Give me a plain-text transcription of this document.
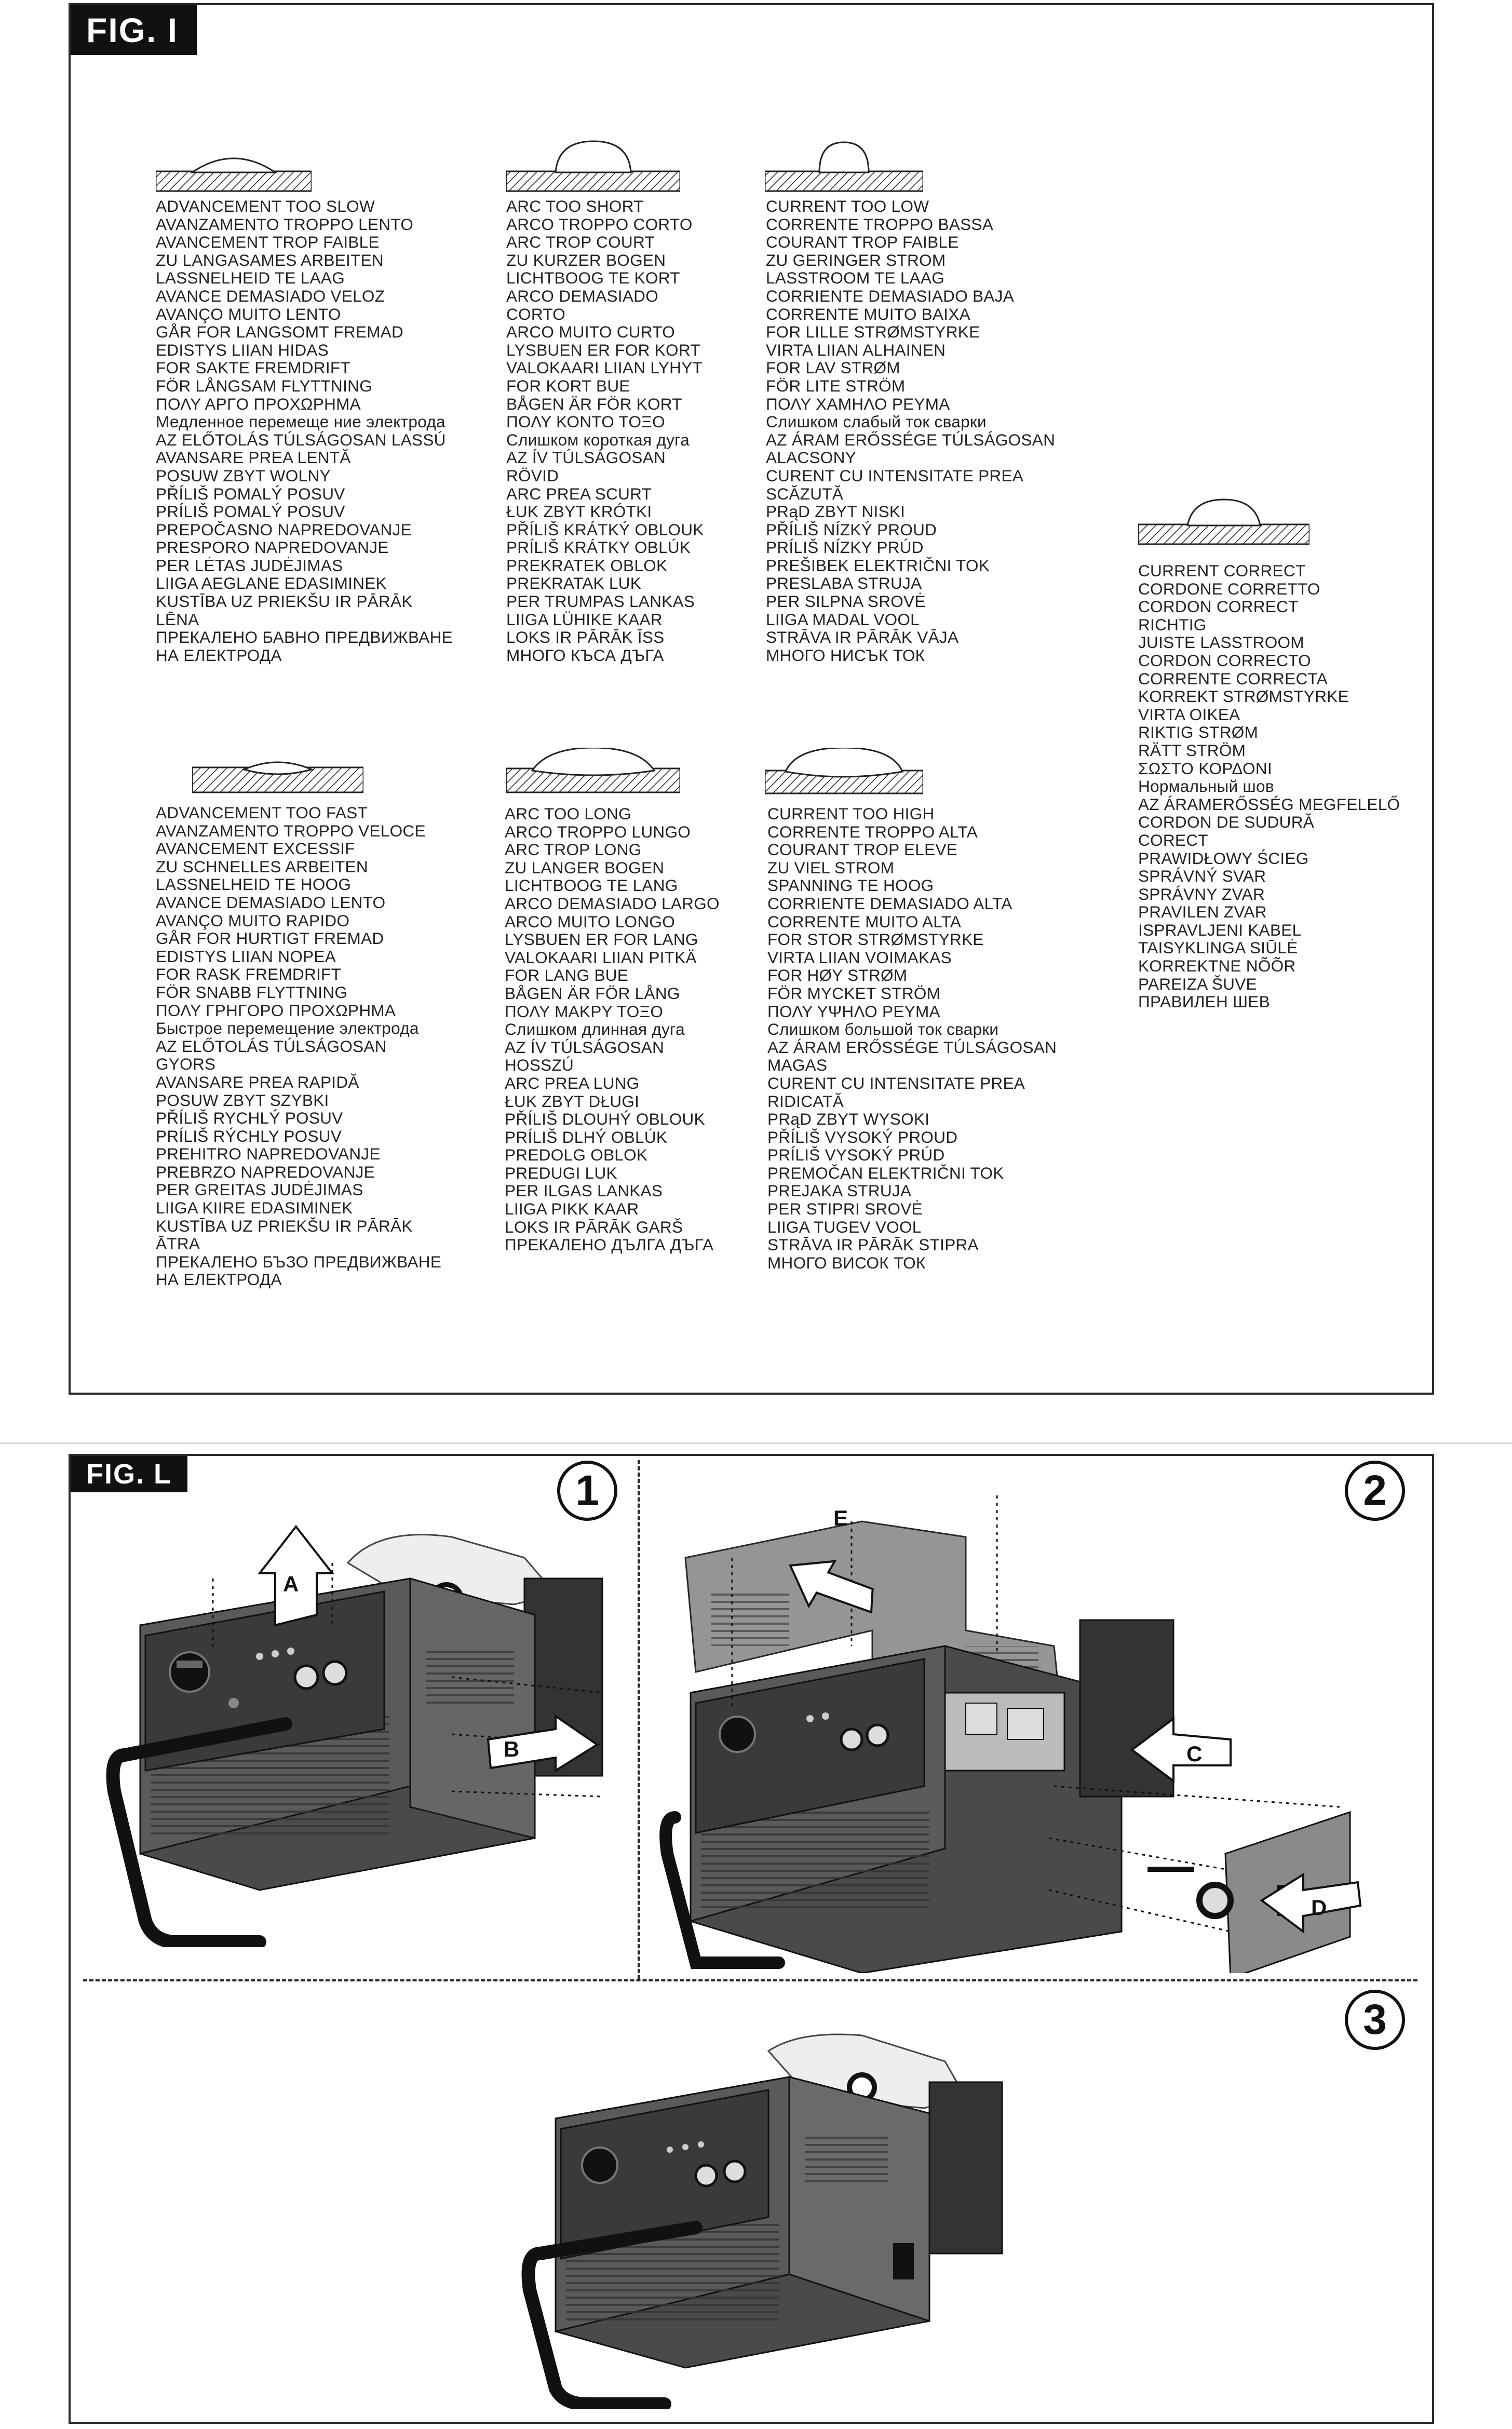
FIG. I
ADVANCEMENT TOO SLOW
AVANZAMENTO TROPPO LENTO
AVANCEMENT TROP FAIBLE
ZU LANGASAMES ARBEITEN
LASSNELHEID TE LAAG
AVANCE DEMASIADO VELOZ
AVANÇO MUITO LENTO
GÅR FOR LANGSOMT FREMAD
EDISTYS LIIAN HIDAS
FOR SAKTE FREMDRIFT
FÖR LÅNGSAM FLYTTNING
ΠΟΛΥ ΑΡΓΟ ΠΡΟΧΩΡΗΜΑ
Медленное перемеще ние электрода
AZ ELŐTOLÁS TÚLSÁGOSAN LASSÚ
AVANSARE PREA LENTĂ
POSUW ZBYT WOLNY
PŘÍLIŠ POMALÝ POSUV
PRÍLIŠ POMALÝ POSUV
PREPOČASNO NAPREDOVANJE
PRESPORO NAPREDOVANJE
PER LĖTAS JUDĖJIMAS
LIIGA AEGLANE EDASIMINEK
KUSTĪBA UZ PRIEKŠU IR PĀRĀK
LĒNA
ПРЕКАЛЕНО БАВНО ПРЕДВИЖВАНЕ
НА ЕЛЕКТРОДА
ARC TOO SHORT
ARCO TROPPO CORTO
ARC TROP COURT
ZU KURZER BOGEN
LICHTBOOG TE KORT
ARCO DEMASIADO
CORTO
ARCO MUITO CURTO
LYSBUEN ER FOR KORT
VALOKAARI LIIAN LYHYT
FOR KORT BUE
BÅGEN ÄR FÖR KORT
ΠΟΛΥ ΚΟΝΤΟ ΤΟΞΟ
Слишком короткая дуга
AZ ÍV TÚLSÁGOSAN
RÖVID
ARC PREA SCURT
ŁUK ZBYT KRÓTKI
PŘÍLIŠ KRÁTKÝ OBLOUK
PRÍLIŠ KRÁTKY OBLÚK
PREKRATEK OBLOK
PREKRATAK LUK
PER TRUMPAS LANKAS
LIIGA LÜHIKE KAAR
LOKS IR PĀRĀK ĪSS
МНОГО КЪСА ДЪГА
CURRENT TOO LOW
CORRENTE TROPPO BASSA
COURANT TROP FAIBLE
ZU GERINGER STROM
LASSTROOM TE LAAG
CORRIENTE DEMASIADO BAJA
CORRENTE MUITO BAIXA
FOR LILLE STRØMSTYRKE
VIRTA LIIAN ALHAINEN
FOR LAV STRØM
FÖR LITE STRÖM
ΠΟΛΥ ΧΑΜΗΛΟ ΡΕΥΜΑ
Слишком слабый ток сварки
AZ ÁRAM ERŐSSÉGE TÚLSÁGOSAN
ALACSONY
CURENT CU INTENSITATE PREA
SCĂZUTĂ
PRąD ZBYT NISKI
PŘÍLIŠ NÍZKÝ PROUD
PRÍLIŠ NÍZKY PRÚD
PREŠIBEK ELEKTRIČNI TOK
PRESLABA STRUJA
PER SILPNA SROVĖ
LIIGA MADAL VOOL
STRĀVA IR PĀRĀK VĀJA
МНОГО НИСЪК ТОК
ADVANCEMENT TOO FAST
AVANZAMENTO TROPPO VELOCE
AVANCEMENT EXCESSIF
ZU SCHNELLES ARBEITEN
LASSNELHEID TE HOOG
AVANCE DEMASIADO LENTO
AVANÇO MUITO RAPIDO
GÅR FOR HURTIGT FREMAD
EDISTYS LIIAN NOPEA
FOR RASK FREMDRIFT
FÖR SNABB FLYTTNING
ΠΟΛΥ ΓΡΗΓΟΡΟ ΠΡΟΧΩΡΗΜΑ
Быстрое перемещение электрода
AZ ELŐTOLÁS TÚLSÁGOSAN
GYORS
AVANSARE PREA RAPIDĂ
POSUW ZBYT SZYBKI
PŘÍLIŠ RYCHLÝ POSUV
PRÍLIŠ RÝCHLY POSUV
PREHITRO NAPREDOVANJE
PREBRZO NAPREDOVANJE
PER GREITAS JUDĖJIMAS
LIIGA KIIRE EDASIMINEK
KUSTĪBA UZ PRIEKŠU IR PĀRĀK
ĀTRA
ПРЕКАЛЕНО БЪЗО ПРЕДВИЖВАНЕ
НА ЕЛЕКТРОДА
ARC TOO LONG
ARCO TROPPO LUNGO
ARC TROP LONG
ZU LANGER BOGEN
LICHTBOOG TE LANG
ARCO DEMASIADO LARGO
ARCO MUITO LONGO
LYSBUEN ER FOR LANG
VALOKAARI LIIAN PITKÄ
FOR LANG BUE
BÅGEN ÄR FÖR LÅNG
ΠΟΛΥ ΜΑΚΡΥ ΤΟΞΟ
Слишком длинная дуга
AZ ÍV TÚLSÁGOSAN
HOSSZÚ
ARC PREA LUNG
ŁUK ZBYT DŁUGI
PŘÍLIŠ DLOUHÝ OBLOUK
PRÍLIŠ DLHÝ OBLÚK
PREDOLG OBLOK
PREDUGI LUK
PER ILGAS LANKAS
LIIGA PIKK KAAR
LOKS IR PĀRĀK GARŠ
ПРЕКАЛЕНО ДЪЛГА ДЪГА
CURRENT TOO HIGH
CORRENTE TROPPO ALTA
COURANT TROP ELEVE
ZU VIEL STROM
SPANNING TE HOOG
CORRIENTE DEMASIADO ALTA
CORRENTE MUITO ALTA
FOR STOR STRØMSTYRKE
VIRTA LIIAN VOIMAKAS
FOR HØY STRØM
FÖR MYCKET STRÖM
ΠΟΛΥ ΥΨΗΛΟ ΡΕΥΜΑ
Слишком большой ток сварки
AZ ÁRAM ERŐSSÉGE TÚLSÁGOSAN
MAGAS
CURENT CU INTENSITATE PREA
RIDICATĂ
PRąD ZBYT WYSOKI
PŘÍLIŠ VYSOKÝ PROUD
PRÍLIŠ VYSOKÝ PRÚD
PREMOČAN ELEKTRIČNI TOK
PREJAKA STRUJA
PER STIPRI SROVĖ
LIIGA TUGEV VOOL
STRĀVA IR PĀRĀK STIPRA
МНОГО ВИСОК ТОК
CURRENT CORRECT
CORDONE CORRETTO
CORDON CORRECT
RICHTIG
JUISTE LASSTROOM
CORDON CORRECTO
CORRENTE CORRECTA
KORREKT STRØMSTYRKE
VIRTA OIKEA
RIKTIG STRØM
RÄTT STRÖM
ΣΩΣΤΟ ΚΟΡΔΟΝΙ
Нормальный шов
AZ ÁRAMERŐSSÉG MEGFELELŐ
CORDON DE SUDURĂ
CORECT
PRAWIDŁOWY ŚCIEG
SPRÁVNÝ SVAR
SPRÁVNY ZVAR
PRAVILEN ZVAR
ISPRAVLJENI KABEL
TAISYKLINGA SIŪLĖ
KORREKTNE NÕÕR
PAREIZA ŠUVE
ПРАВИЛЕН ШЕВ
FIG. L	1	2
3
A
B
E
C
D
